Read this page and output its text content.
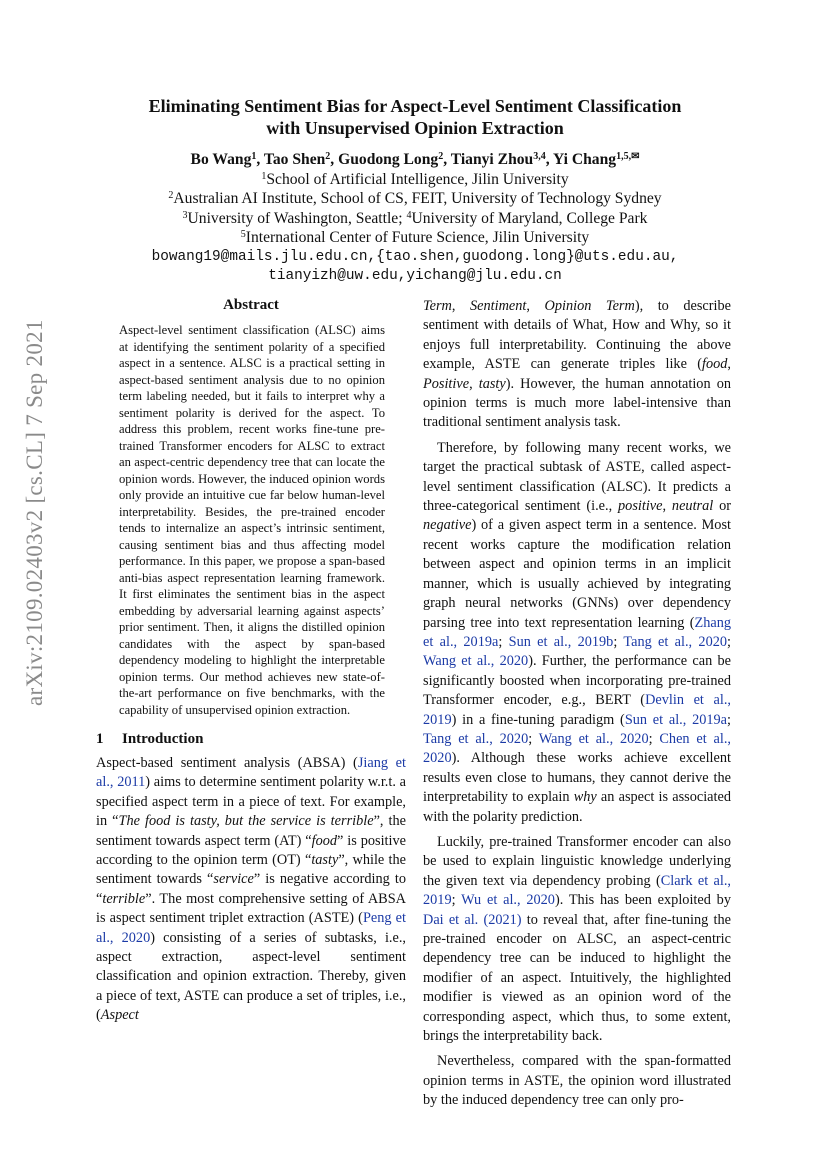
arXiv:2109.02403v2 [cs.CL] 7 Sep 2021
Eliminating Sentiment Bias for Aspect-Level Sentiment Classification
with Unsupervised Opinion Extraction
Bo Wang$^1$, Tao Shen$^2$, Guodong Long$^2$, Tianyi Zhou$^{3,4}$, Yi Chang$^{1,5,✉}$
$^1$School of Artificial Intelligence, Jilin University
$^2$Australian AI Institute, School of CS, FEIT, University of Technology Sydney
$^3$University of Washington, Seattle; $^4$University of Maryland, College Park
$^5$International Center of Future Science, Jilin University
bowang19@mails.jlu.edu.cn,{tao.shen,guodong.long}@uts.edu.au,
tianyizh@uw.edu,yichang@jlu.edu.cn
Abstract

Aspect-level sentiment classification (ALSC) aims at identifying the sentiment polarity of a specified aspect in a sentence. ALSC is a practical setting in aspect-based sentiment analysis due to no opinion term labeling needed, but it fails to interpret why a sentiment polarity is derived for the aspect. To address this problem, recent works fine-tune pre-trained Transformer encoders for ALSC to extract an aspect-centric dependency tree that can locate the opinion words. However, the induced opinion words only provide an intuitive cue far below human-level interpretability. Besides, the pre-trained encoder tends to internalize an aspect’s intrinsic sentiment, causing sentiment bias and thus affecting model performance. In this paper, we propose a span-based anti-bias aspect representation learning framework. It first eliminates the sentiment bias in the aspect embedding by adversarial learning against aspects’ prior sentiment. Then, it aligns the distilled opinion candidates with the aspect by span-based dependency modeling to highlight the interpretable opinion terms. Our method achieves new state-of-the-art performance on five benchmarks, with the capability of unsupervised opinion extraction.

1 Introduction

Aspect-based sentiment analysis (ABSA) (Jiang et al., 2011) aims to determine sentiment polarity w.r.t. a specified aspect term in a piece of text. For example, in “The food is tasty, but the service is terrible”, the sentiment towards aspect term (AT) “food” is positive according to the opinion term (OT) “tasty”, while the sentiment towards “service” is negative according to “terrible”. The most comprehensive setting of ABSA is aspect sentiment triplet extraction (ASTE) (Peng et al., 2020) consisting of a series of subtasks, i.e., aspect extraction, aspect-level sentiment classification and opinion extraction. Thereby, given a piece of text, ASTE can produce a set of triples, i.e., (Aspect

Term, Sentiment, Opinion Term), to describe sentiment with details of What, How and Why, so it enjoys full interpretability. Continuing the above example, ASTE can generate triples like (food, Positive, tasty). However, the human annotation on opinion terms is much more label-intensive than traditional sentiment analysis task.

Therefore, by following many recent works, we target the practical subtask of ASTE, called aspect-level sentiment classification (ALSC). It predicts a three-categorical sentiment (i.e., positive, neutral or negative) of a given aspect term in a sentence. Most recent works capture the modification relation between aspect and opinion terms in an implicit manner, which is usually achieved by integrating graph neural networks (GNNs) over dependency parsing tree into text representation learning (Zhang et al., 2019a; Sun et al., 2019b; Tang et al., 2020; Wang et al., 2020). Further, the performance can be significantly boosted when incorporating pre-trained Transformer encoder, e.g., BERT (Devlin et al., 2019) in a fine-tuning paradigm (Sun et al., 2019a; Tang et al., 2020; Wang et al., 2020; Chen et al., 2020). Although these works achieve excellent results even close to humans, they cannot derive the interpretability to explain why an aspect is associated with the polarity prediction.

Luckily, pre-trained Transformer encoder can also be used to explain linguistic knowledge underlying the given text via dependency probing (Clark et al., 2019; Wu et al., 2020). This has been exploited by Dai et al. (2021) to reveal that, after fine-tuning the pre-trained encoder on ALSC, an aspect-centric dependency tree can be induced to highlight the modifier of an aspect. Intuitively, the highlighted modifier is viewed as an opinion word of the corresponding aspect, which thus, to some extent, brings the interpretability back.

Nevertheless, compared with the span-formatted opinion terms in ASTE, the opinion word illustrated by the induced dependency tree can only pro-
